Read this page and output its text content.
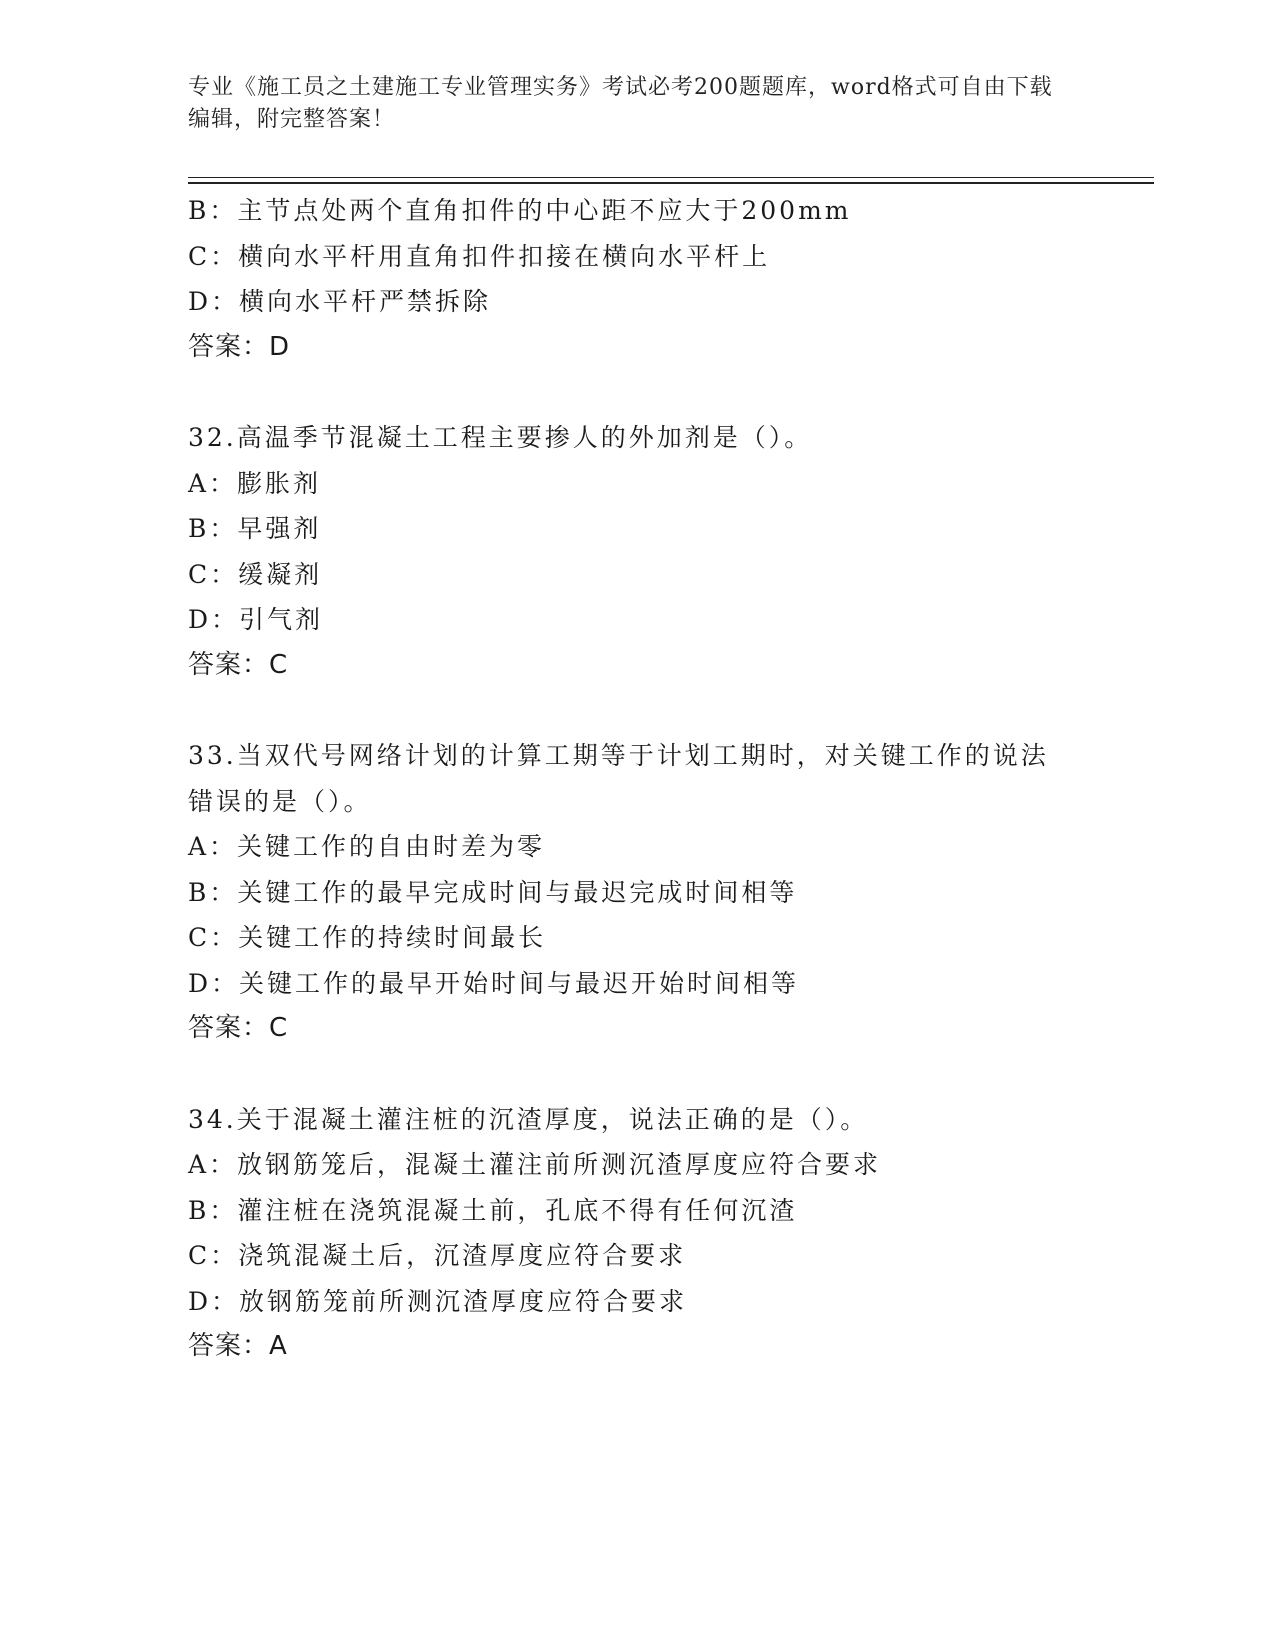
专业《施工员之土建施工专业管理实务》考试必考200题题库，word格式可自由下载编辑，附完整答案！
B：主节点处两个直角扣件的中心距不应大于200mm
C：横向水平杆用直角扣件扣接在横向水平杆上
D：横向水平杆严禁拆除
答案：D
32.高温季节混凝土工程主要掺人的外加剂是（）。
A：膨胀剂
B：早强剂
C：缓凝剂
D：引气剂
答案：C
33.当双代号网络计划的计算工期等于计划工期时，对关键工作的说法
错误的是（）。
A：关键工作的自由时差为零
B：关键工作的最早完成时间与最迟完成时间相等
C：关键工作的持续时间最长
D：关键工作的最早开始时间与最迟开始时间相等
答案：C
34.关于混凝土灌注桩的沉渣厚度，说法正确的是（）。
A：放钢筋笼后，混凝土灌注前所测沉渣厚度应符合要求
B：灌注桩在浇筑混凝土前，孔底不得有任何沉渣
C：浇筑混凝土后，沉渣厚度应符合要求
D：放钢筋笼前所测沉渣厚度应符合要求
答案：A
